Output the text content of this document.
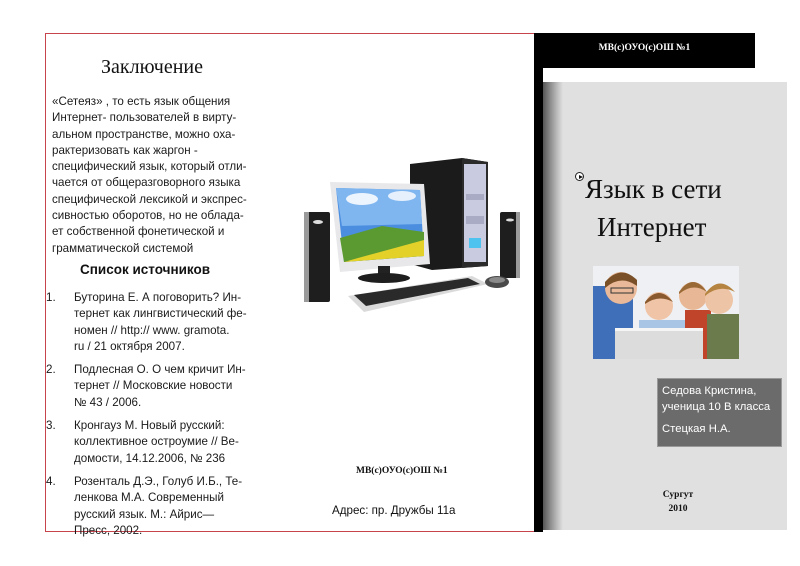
Заключение
«Сетеяз» , то есть язык общения
Интернет- пользователей в вирту-
альном пространстве, можно оха-
рактеризовать как жаргон -
специфический язык, который отли-
чается от общеразговорного языка
специфической лексикой и экспрес-
сивностью оборотов, но не облада-
ет собственной фонетической и
грамматической системой
Список источников
1.	Буторина Е. А поговорить? Ин-
тернет как лингвистический фе-
номен // http:// www. gramota.
ru / 21 октября 2007.
2.	Подлесная О. О чем кричит Ин-
тернет // Московские новости
№ 43 / 2006.
3.	Кронгауз М. Новый русский:
коллективное остроумие // Ве-
домости, 14.12.2006, № 236
4.	Розенталь Д.Э., Голуб И.Б., Те-
ленкова М.А. Современный
русский язык. М.: Айрис—
Пресс, 2002.
МВ(с)ОУО(с)ОШ №1
Адрес: пр. Дружбы 11а
МВ(с)ОУО(с)ОШ №1
Язык в сети
Интернет
Седова Кристина,
ученица 10 В класса
Стецкая Н.А.
Сургут
2010
